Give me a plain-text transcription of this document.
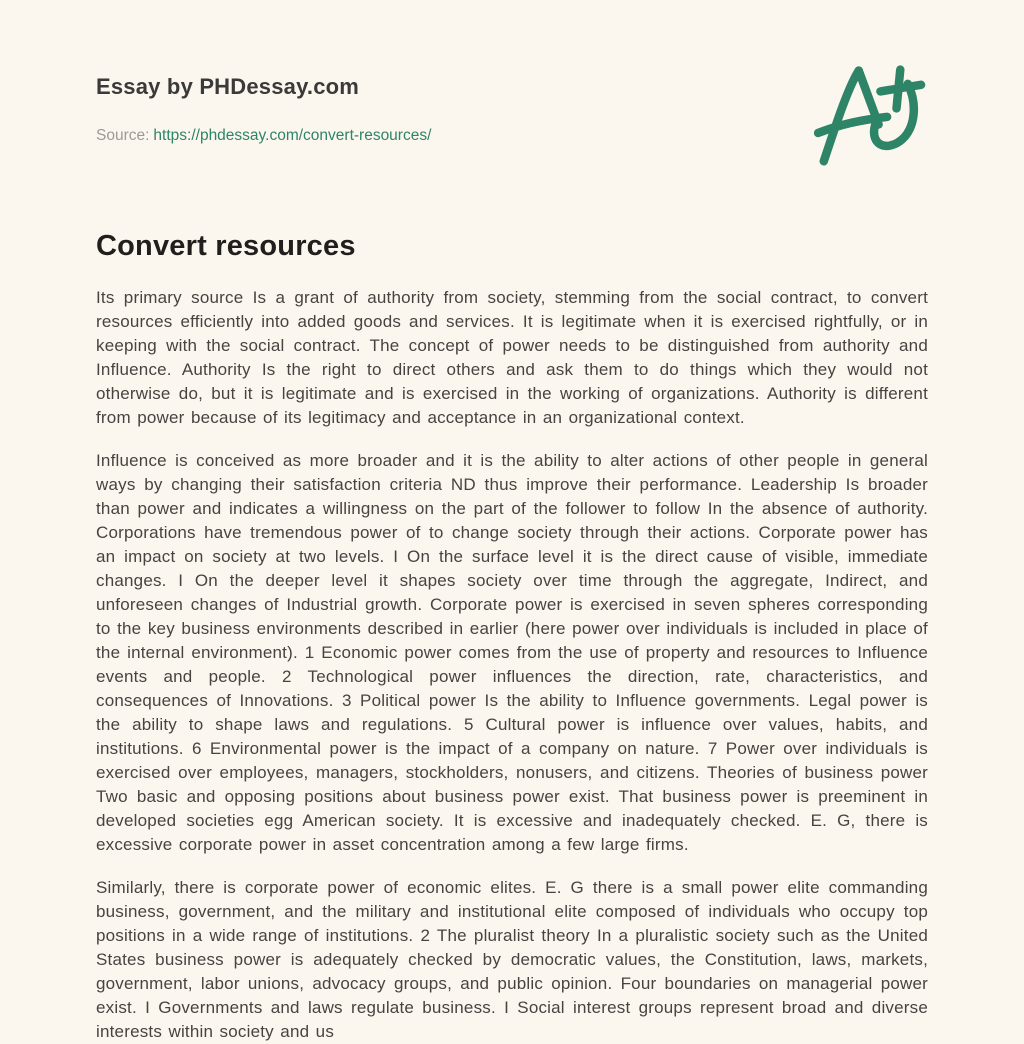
Essay by PHDessay.com
Source: https://phdessay.com/convert-resources/
Convert resources

Its primary source Is a grant of authority from society, stemming from the social contract, to convert resources efficiently into added goods and services. It is legitimate when it is exercised rightfully, or in keeping with the social contract. The concept of power needs to be distinguished from authority and Influence. Authority Is the right to direct others and ask them to do things which they would not otherwise do, but it is legitimate and is exercised in the working of organizations. Authority is different from power because of its legitimacy and acceptance in an organizational context.

Influence is conceived as more broader and it is the ability to alter actions of other people in general ways by changing their satisfaction criteria ND thus improve their performance. Leadership Is broader than power and indicates a willingness on the part of the follower to follow In the absence of authority. Corporations have tremendous power of to change society through their actions. Corporate power has an impact on society at two levels. I On the surface level it is the direct cause of visible, immediate changes. I On the deeper level it shapes society over time through the aggregate, Indirect, and unforeseen changes of Industrial growth. Corporate power is exercised in seven spheres corresponding to the key business environments described in earlier (here power over individuals is included in place of the internal environment). 1 Economic power comes from the use of property and resources to Influence events and people. 2 Technological power influences the direction, rate, characteristics, and consequences of Innovations. 3 Political power Is the ability to Influence governments. Legal power is the ability to shape laws and regulations. 5 Cultural power is influence over values, habits, and institutions. 6 Environmental power is the impact of a company on nature. 7 Power over individuals is exercised over employees, managers, stockholders, nonusers, and citizens. Theories of business power Two basic and opposing positions about business power exist. That business power is preeminent in developed societies egg American society. It is excessive and inadequately checked. E. G, there is excessive corporate power in asset concentration among a few large firms.

Similarly, there is corporate power of economic elites. E. G there is a small power elite commanding business, government, and the military and institutional elite composed of individuals who occupy top positions in a wide range of institutions. 2 The pluralist theory In a pluralistic society such as the United States business power is adequately checked by democratic values, the Constitution, laws, markets, government, labor unions, advocacy groups, and public opinion. Four boundaries on managerial power exist. I Governments and laws regulate business. I Social interest groups represent broad and diverse interests within society and us
